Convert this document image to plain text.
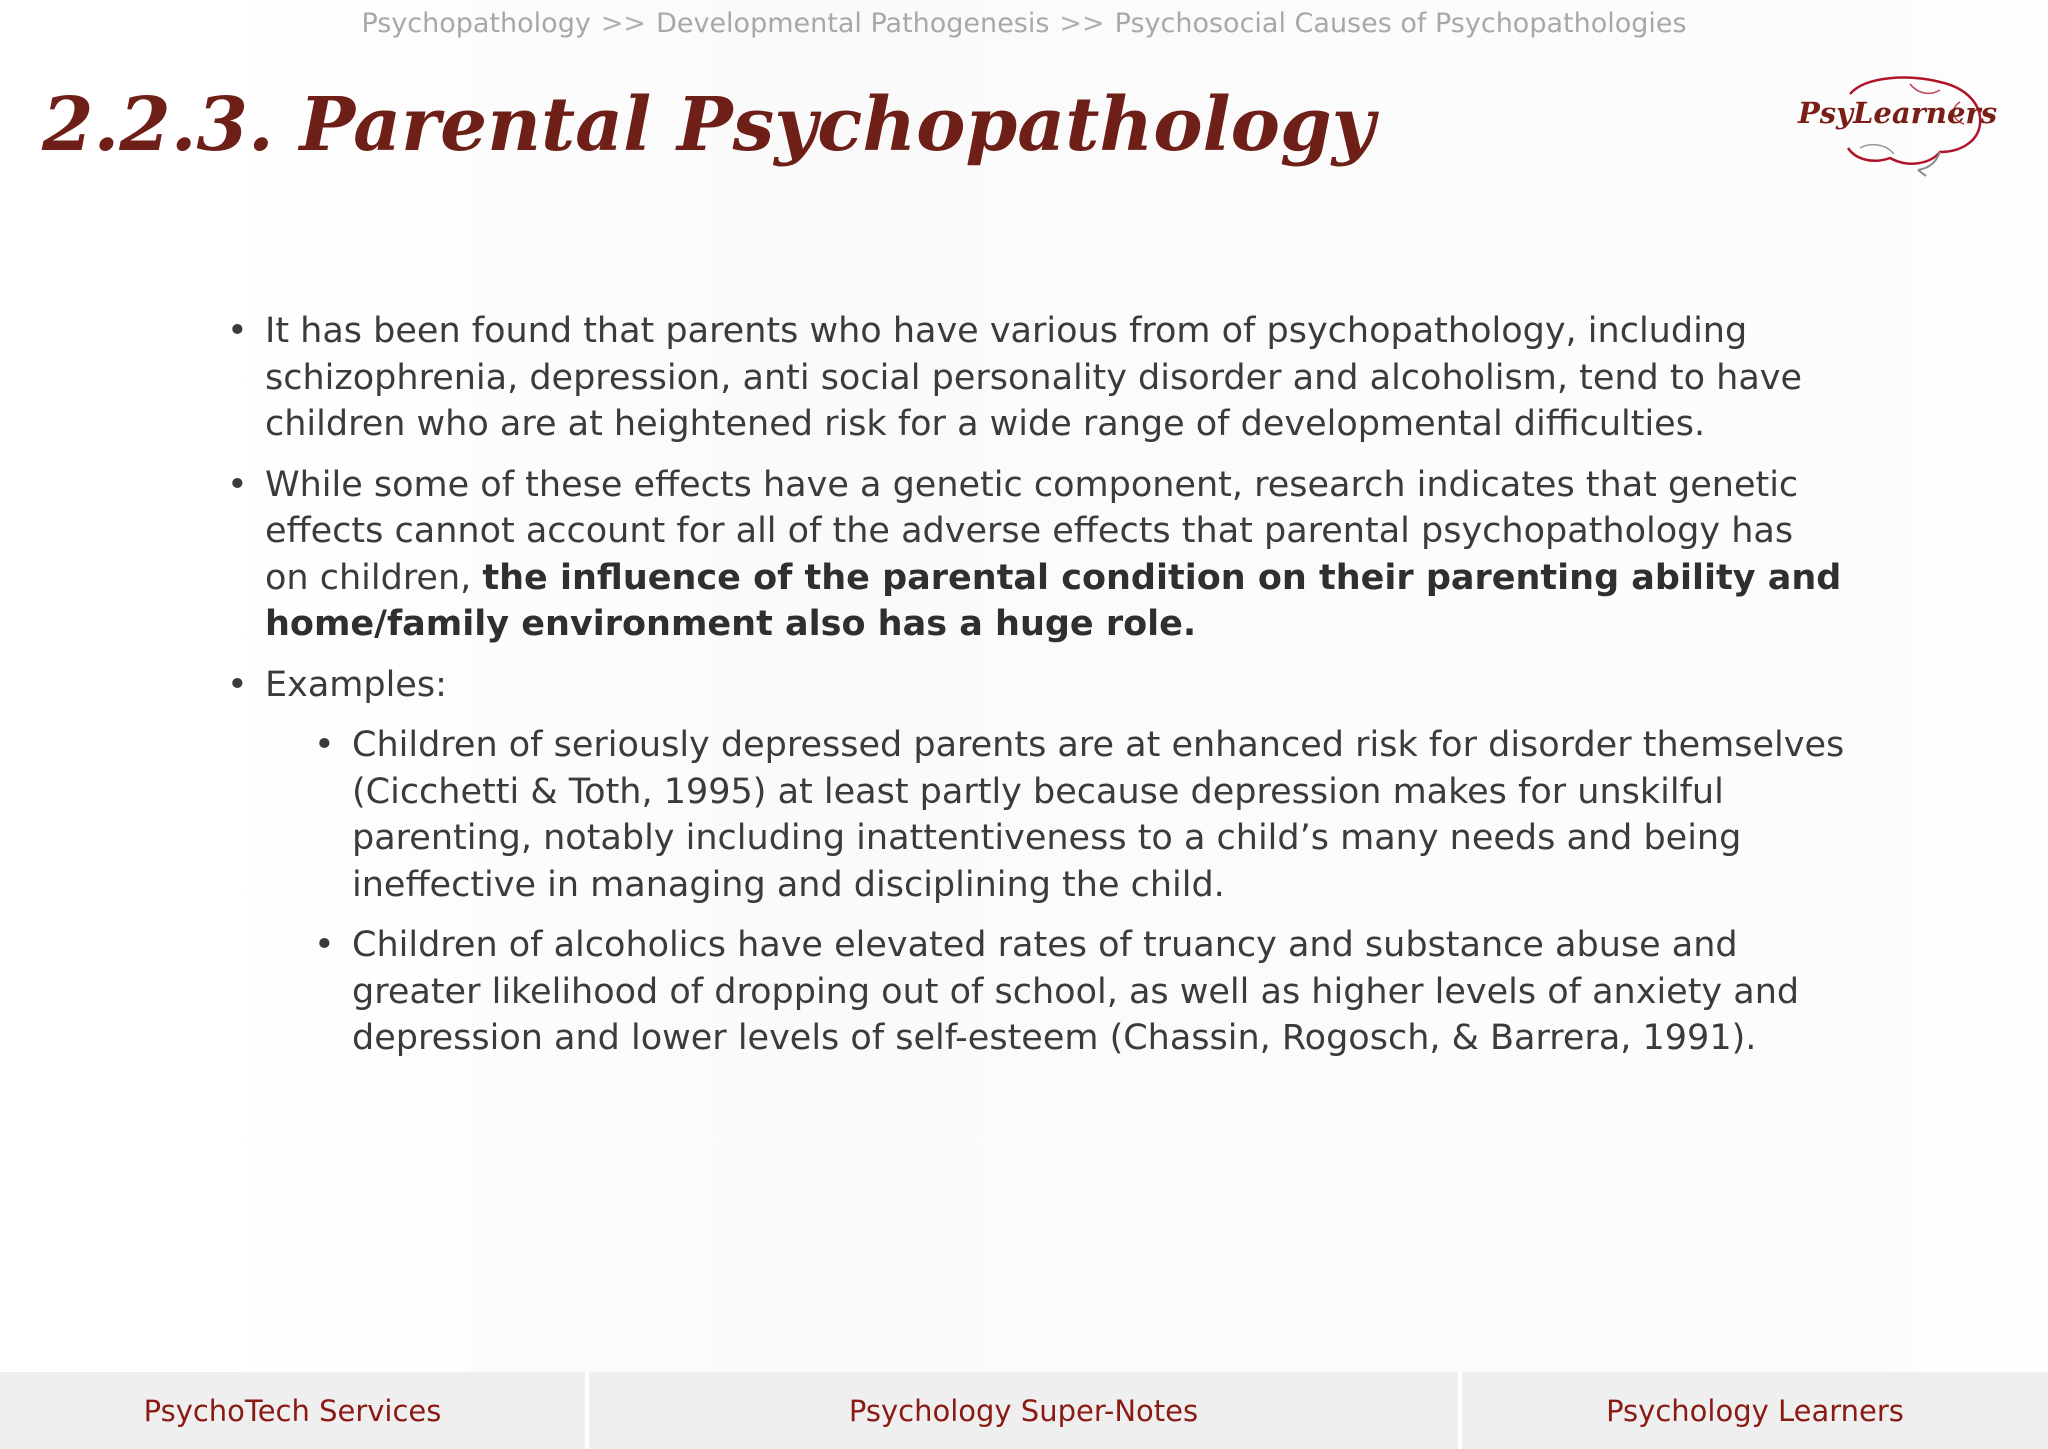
Psychopathology >> Developmental Pathogenesis >> Psychosocial Causes of Psychopathologies
2.2.3. Parental Psychopathology	PsyLearners
• It has been found that parents who have various from of psychopathology, including schizophrenia, depression, anti social personality disorder and alcoholism, tend to have children who are at heightened risk for a wide range of developmental difficulties.
• While some of these effects have a genetic component, research indicates that genetic effects cannot account for all of the adverse effects that parental psychopathology has on children, the influence of the parental condition on their parenting ability and home/family environment also has a huge role.
• Examples:
• Children of seriously depressed parents are at enhanced risk for disorder themselves (Cicchetti & Toth, 1995) at least partly because depression makes for unskilful parenting, notably including inattentiveness to a child’s many needs and being ineffective in managing and disciplining the child.
• Children of alcoholics have elevated rates of truancy and substance abuse and greater likelihood of dropping out of school, as well as higher levels of anxiety and depression and lower levels of self-esteem (Chassin, Rogosch, & Barrera, 1991).
PsychoTech Services	Psychology Super-Notes	Psychology Learners
